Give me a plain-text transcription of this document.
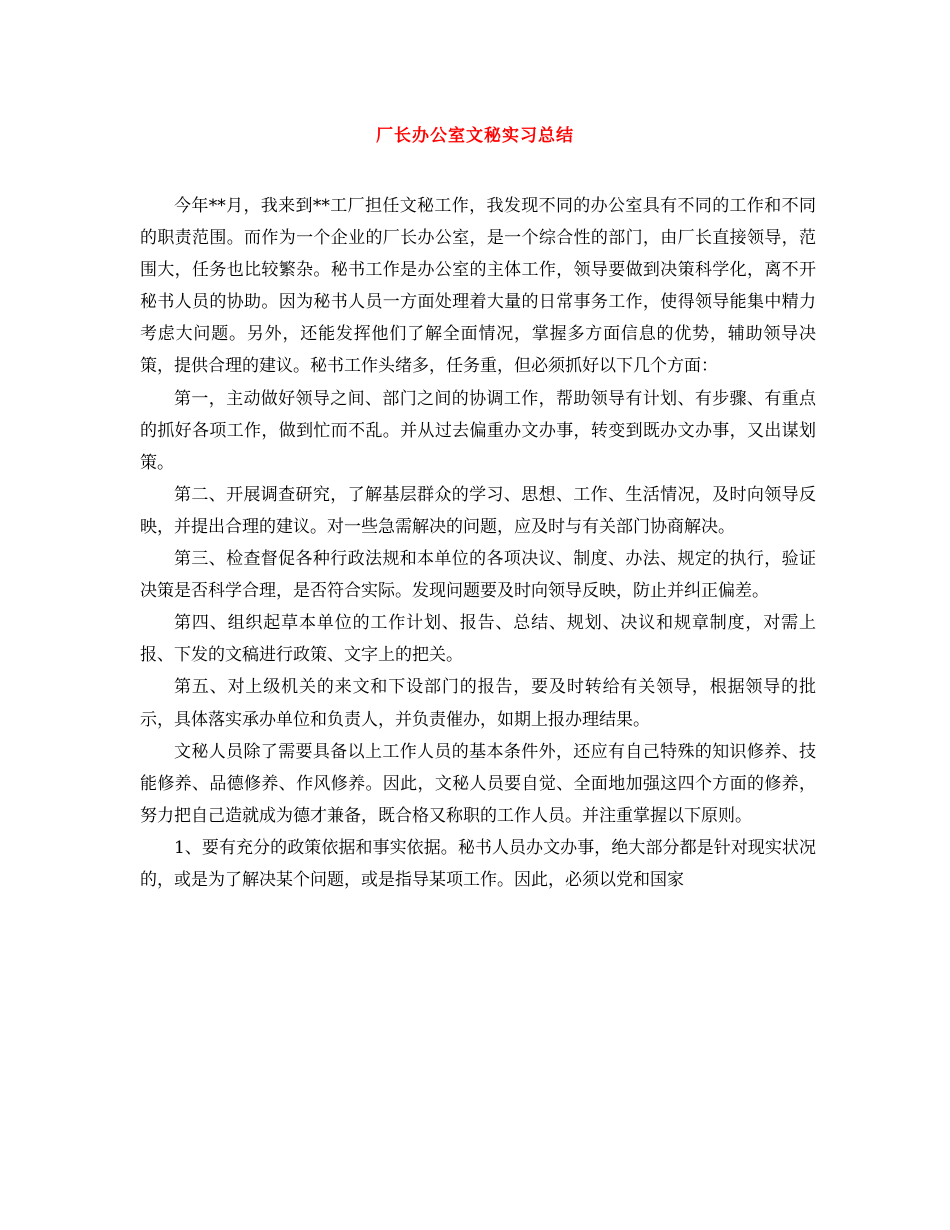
厂长办公室文秘实习总结

今年**月，我来到**工厂担任文秘工作，我发现不同的办公室具有不同的工作和不同的职责范围。而作为一个企业的厂长办公室，是一个综合性的部门，由厂长直接领导，范围大，任务也比较繁杂。秘书工作是办公室的主体工作，领导要做到决策科学化，离不开秘书人员的协助。因为秘书人员一方面处理着大量的日常事务工作，使得领导能集中精力考虑大问题。另外，还能发挥他们了解全面情况，掌握多方面信息的优势，辅助领导决策，提供合理的建议。秘书工作头绪多，任务重，但必须抓好以下几个方面：

第一，主动做好领导之间、部门之间的协调工作，帮助领导有计划、有步骤、有重点的抓好各项工作，做到忙而不乱。并从过去偏重办文办事，转变到既办文办事，又出谋划策。

第二、开展调查研究，了解基层群众的学习、思想、工作、生活情况，及时向领导反映，并提出合理的建议。对一些急需解决的问题，应及时与有关部门协商解决。

第三、检查督促各种行政法规和本单位的各项决议、制度、办法、规定的执行，验证决策是否科学合理，是否符合实际。发现问题要及时向领导反映，防止并纠正偏差。

第四、组织起草本单位的工作计划、报告、总结、规划、决议和规章制度，对需上报、下发的文稿进行政策、文字上的把关。

第五、对上级机关的来文和下设部门的报告，要及时转给有关领导，根据领导的批示，具体落实承办单位和负责人，并负责催办，如期上报办理结果。

文秘人员除了需要具备以上工作人员的基本条件外，还应有自己特殊的知识修养、技能修养、品德修养、作风修养。因此，文秘人员要自觉、全面地加强这四个方面的修养，努力把自己造就成为德才兼备，既合格又称职的工作人员。并注重掌握以下原则。

1、要有充分的政策依据和事实依据。秘书人员办文办事，绝大部分都是针对现实状况的，或是为了解决某个问题，或是指导某项工作。因此，必须以党和国家
